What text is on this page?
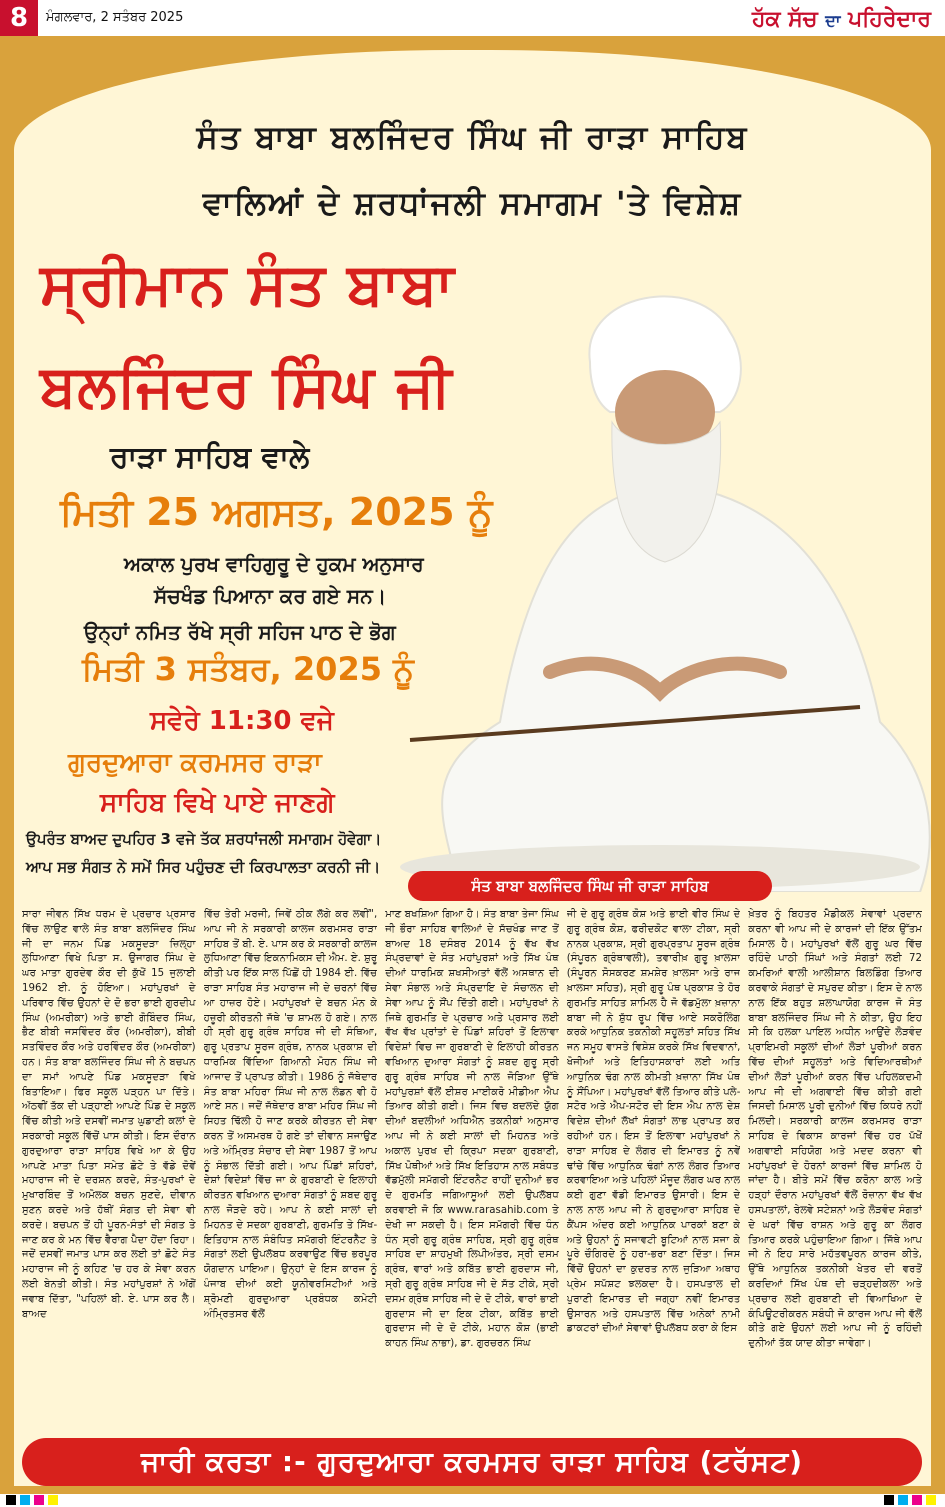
8	ਮੰਗਲਵਾਰ, 2 ਸਤੰਬਰ 2025	ਹੱਕ ਸੱਚ ਦਾ ਪਹਿਰੇਦਾਰ
ਸੰਤ ਬਾਬਾ ਬਲਜਿੰਦਰ ਸਿੰਘ ਜੀ ਰਾੜਾ ਸਾਹਿਬ
ਵਾਲਿਆਂ ਦੇ ਸ਼ਰਧਾਂਜਲੀ ਸਮਾਗਮ 'ਤੇ ਵਿਸ਼ੇਸ਼
ਸ੍ਰੀਮਾਨ ਸੰਤ ਬਾਬਾ
ਬਲਜਿੰਦਰ ਸਿੰਘ ਜੀ
ਰਾੜਾ ਸਾਹਿਬ ਵਾਲੇ
ਮਿਤੀ 25 ਅਗਸਤ, 2025 ਨੂੰ
ਅਕਾਲ ਪੁਰਖ ਵਾਹਿਗੁਰੂ ਦੇ ਹੁਕਮ ਅਨੁਸਾਰ
ਸੱਚਖੰਡ ਪਿਆਨਾ ਕਰ ਗਏ ਸਨ।
ਉਨ੍ਹਾਂ ਨਮਿਤ ਰੱਖੇ ਸ੍ਰੀ ਸਹਿਜ ਪਾਠ ਦੇ ਭੋਗ
ਮਿਤੀ 3 ਸਤੰਬਰ, 2025 ਨੂੰ
ਸਵੇਰੇ 11:30 ਵਜੇ
ਗੁਰਦੁਆਰਾ ਕਰਮਸਰ ਰਾੜਾ
ਸਾਹਿਬ ਵਿਖੇ ਪਾਏ ਜਾਣਗੇ
ਉਪਰੰਤ ਬਾਅਦ ਦੁਪਹਿਰ 3 ਵਜੇ ਤੱਕ ਸ਼ਰਧਾਂਜਲੀ ਸਮਾਗਮ ਹੋਵੇਗਾ।
ਆਪ ਸਭ ਸੰਗਤ ਨੇ ਸਮੇਂ ਸਿਰ ਪਹੁੰਚਣ ਦੀ ਕਿਰਪਾਲਤਾ ਕਰਨੀ ਜੀ।
ਸੰਤ ਬਾਬਾ ਬਲਜਿੰਦਰ ਸਿੰਘ ਜੀ ਰਾੜਾ ਸਾਹਿਬ
ਸਾਰਾ ਜੀਵਨ ਸਿੱਖ ਧਰਮ ਦੇ ਪ੍ਰਚਾਰ ਪ੍ਰਸਾਰ ਵਿੱਚ ਲਾਉਣ ਵਾਲੇ ਸੰਤ ਬਾਬਾ ਬਲਜਿੰਦਰ ਸਿੰਘ ਜੀ ਦਾ ਜਨਮ ਪਿੰਡ ਮਕਸੂਦੜਾ ਜ਼ਿਲ੍ਹਾ ਲੁਧਿਆਣਾ ਵਿਖੇ ਪਿਤਾ ਸ. ਉਜਾਗਰ ਸਿੰਘ ਦੇ ਘਰ ਮਾਤਾ ਗੁਰਦੇਵ ਕੌਰ ਦੀ ਕੁੱਖੋਂ 15 ਜੁਲਾਈ 1962 ਈ. ਨੂੰ ਹੋਇਆ। ਮਹਾਂਪੁਰਖਾਂ ਦੇ ਪਰਿਵਾਰ ਵਿੱਚ ਉਹਨਾਂ ਦੇ ਦੋ ਭਰਾ ਭਾਈ ਗੁਰਦੀਪ ਸਿੰਘ (ਅਮਰੀਕਾ) ਅਤੇ ਭਾਈ ਗੋਬਿੰਦਰ ਸਿੰਘ, ਭੈਣ ਬੀਬੀ ਜਸਵਿੰਦਰ ਕੌਰ (ਅਮਰੀਕਾ), ਬੀਬੀ ਸਤਵਿੰਦਰ ਕੌਰ ਅਤੇ ਹਰਵਿੰਦਰ ਕੌਰ (ਅਮਰੀਕਾ) ਹਨ। ਸੰਤ ਬਾਬਾ ਬਲਜਿੰਦਰ ਸਿੰਘ ਜੀ ਨੇ ਬਚਪਨ ਦਾ ਸਮਾਂ ਆਪਣੇ ਪਿੰਡ ਮਕਸੂਦੜਾ ਵਿਖੇ ਬਿਤਾਇਆ। ਫਿਰ ਸਕੂਲ ਪੜ੍ਹਨ ਪਾ ਦਿੱਤੇ। ਅੱਠਵੀਂ ਤੱਕ ਦੀ ਪੜ੍ਹਾਈ ਆਪਣੇ ਪਿੰਡ ਦੇ ਸਕੂਲ ਵਿੱਚ ਕੀਤੀ ਅਤੇ ਦਸਵੀਂ ਜਮਾਤ ਘੁਡਾਣੀ ਕਲਾਂ ਦੇ ਸਰਕਾਰੀ ਸਕੂਲ ਵਿੱਚੋਂ ਪਾਸ ਕੀਤੀ। ਇਸ ਦੌਰਾਨ ਗੁਰਦੁਆਰਾ ਰਾੜਾ ਸਾਹਿਬ ਵਿਖੇ ਆ ਕੇ ਉਹ ਆਪਣੇ ਮਾਤਾ ਪਿਤਾ ਸਮੇਤ ਛੋਟੇ ਤੇ ਵੱਡੇ ਦੋਵੇਂ ਮਹਾਰਾਜ ਜੀ ਦੇ ਦਰਸ਼ਨ ਕਰਦੇ, ਸੰਤ-ਪੁਰਖਾਂ ਦੇ ਮੁਖਾਰਬਿੰਦ ਤੋਂ ਅਮੋਲਕ ਬਚਨ ਸੁਣਦੇ, ਦੀਵਾਨ ਸੁਣਨ ਕਰਦੇ ਅਤੇ ਹੱਥੀਂ ਸੰਗਤ ਦੀ ਸੇਵਾ ਵੀ ਕਰਦੇ। ਬਚਪਨ ਤੋਂ ਹੀ ਪੂਰਨ-ਸੰਤਾਂ ਦੀ ਸੰਗਤ ਤੇ ਜਾਣ ਕਰ ਕੇ ਮਨ ਵਿੱਚ ਵੈਰਾਗ ਪੈਦਾ ਹੋਂਦਾ ਰਿਹਾ। ਜਦੋਂ ਦਸਵੀਂ ਜਮਾਤ ਪਾਸ ਕਰ ਲਈ ਤਾਂ ਛੋਟੇ ਸੰਤ ਮਹਾਰਾਜ ਜੀ ਨੂੰ ਕਹਿਣ 'ਚ ਹਰ ਕੇ ਸੇਵਾ ਕਰਨ ਲਈ ਬੇਨਤੀ ਕੀਤੀ। ਸੰਤ ਮਹਾਂਪੁਰਸ਼ਾਂ ਨੇ ਅੱਗੋਂ ਜਵਾਬ ਦਿੱਤਾ, "ਪਹਿਲਾਂ ਬੀ. ਏ. ਪਾਸ ਕਰ ਲੈ। ਬਾਅਦ
ਵਿੱਚ ਤੇਰੀ ਮਰਜੀ, ਜਿਵੇਂ ਠੀਕ ਲੱਗੇ ਕਰ ਲਵੀਂ", ਆਪ ਜੀ ਨੇ ਸਰਕਾਰੀ ਕਾਲਜ ਕਰਮਸਰ ਰਾੜਾ ਸਾਹਿਬ ਤੋਂ ਬੀ. ਏ. ਪਾਸ ਕਰ ਕੇ ਸਰਕਾਰੀ ਕਾਲਜ ਲੁਧਿਆਣਾ ਵਿੱਚ ਇਕਨਾਮਿਕਸ ਦੀ ਐਮ. ਏ. ਸ਼ੁਰੂ ਕੀਤੀ ਪਰ ਇੱਕ ਸਾਲ ਪਿੱਛੋਂ ਹੀ 1984 ਈ. ਵਿੱਚ ਰਾੜਾ ਸਾਹਿਬ ਸੰਤ ਮਹਾਰਾਜ ਜੀ ਦੇ ਚਰਨਾਂ ਵਿੱਚ ਆ ਹਾਜ਼ਰ ਹੋਏ। ਮਹਾਂਪੁਰਖਾਂ ਦੇ ਬਚਨ ਮੰਨ ਕੇ ਹਜ਼ੂਰੀ ਕੀਰਤਨੀ ਜੱਥੇ 'ਚ ਸ਼ਾਮਲ ਹੋ ਗਏ। ਨਾਲ ਹੀ ਸ੍ਰੀ ਗੁਰੂ ਗ੍ਰੰਥ ਸਾਹਿਬ ਜੀ ਦੀ ਸੰਥਿਆ, ਗੁਰੂ ਪ੍ਰਤਾਪ ਸੂਰਜ ਗ੍ਰੰਥ, ਨਾਨਕ ਪ੍ਰਕਾਸ਼ ਦੀ ਧਾਰਮਿਕ ਵਿੱਦਿਆ ਗਿਆਨੀ ਮੋਹਨ ਸਿੰਘ ਜੀ ਆਜਾਦ ਤੋਂ ਪ੍ਰਾਪਤ ਕੀਤੀ। 1986 ਨੂੰ ਜੱਥੇਦਾਰ ਸੰਤ ਬਾਬਾ ਮਹਿਰਾ ਸਿੰਘ ਜੀ ਨਾਲ ਲੰਡਨ ਵੀ ਹੋ ਆਏ ਸਨ। ਜਦੋਂ ਜੱਥੇਦਾਰ ਬਾਬਾ ਮਹਿਰ ਸਿੰਘ ਜੀ ਸਿਹਤ ਢਿੱਲੀ ਹੋ ਜਾਣ ਕਰਕੇ ਕੀਰਤਨ ਦੀ ਸੇਵਾ ਕਰਨ ਤੋਂ ਅਸਮਰਥ ਹੋ ਗਏ ਤਾਂ ਦੀਵਾਨ ਸਜਾਉਣ ਅਤੇ ਅੰਮ੍ਰਿਤ ਸੰਚਾਰ ਦੀ ਸੇਵਾ 1987 ਤੋਂ ਆਪ ਨੂੰ ਸੰਭਾਲ ਦਿੱਤੀ ਗਈ। ਆਪ ਪਿੰਡਾਂ ਸ਼ਹਿਰਾਂ, ਦੇਸ਼ਾਂ ਵਿਦੇਸ਼ਾਂ ਵਿੱਚ ਜਾ ਕੇ ਗੁਰਬਾਣੀ ਦੇ ਇਲਾਹੀ ਕੀਰਤਨ ਵਖਿਆਨ ਦੁਆਰਾ ਸੰਗਤਾਂ ਨੂੰ ਸ਼ਬਦ ਗੁਰੂ ਨਾਲ ਜੋੜਦੇ ਰਹੇ। ਆਪ ਨੇ ਕਈ ਸਾਲਾਂ ਦੀ ਮਿਹਨਤ ਦੇ ਸਦਕਾ ਗੁਰਬਾਣੀ, ਗੁਰਮਤਿ ਤੇ ਸਿੱਖ-ਇਤਿਹਾਸ ਨਾਲ ਸੰਬੰਧਿਤ ਸਮੱਗਰੀ ਇੰਟਰਨੈੱਟ ਤੇ ਸੰਗਤਾਂ ਲਈ ਉਪਲੱਬਧ ਕਰਵਾਉਣ ਵਿੱਚ ਭਰਪੂਰ ਯੋਗਦਾਨ ਪਾਇਆ। ਉਨ੍ਹਾਂ ਦੇ ਇਸ ਕਾਰਜ ਨੂੰ ਪੰਜਾਬ ਦੀਆਂ ਕਈ ਯੂਨੀਵਰਸਿਟੀਆਂ ਅਤੇ ਸ਼੍ਰੋਮਣੀ ਗੁਰਦੁਆਰਾ ਪ੍ਰਬੰਧਕ ਕਮੇਟੀ ਅੰਮ੍ਰਿਤਸਰ ਵੱਲੋਂ
ਮਾਣ ਬਖਸ਼ਿਆ ਗਿਆ ਹੈ। ਸੰਤ ਬਾਬਾ ਤੇਜਾ ਸਿੰਘ ਜੀ ਭੌਰਾ ਸਾਹਿਬ ਵਾਲਿਆਂ ਦੇ ਸੱਚਖੰਡ ਜਾਣ ਤੋਂ ਬਾਅਦ 18 ਦਸੰਬਰ 2014 ਨੂੰ ਵੱਖ ਵੱਖ ਸੰਪ੍ਰਦਾਵਾਂ ਦੇ ਸੰਤ ਮਹਾਂਪੁਰਸ਼ਾਂ ਅਤੇ ਸਿੱਖ ਪੰਥ ਦੀਆਂ ਧਾਰਮਿਕ ਸ਼ਖਸੀਅਤਾਂ ਵੱਲੋਂ ਅਸਥਾਨ ਦੀ ਸੇਵਾ ਸੰਭਾਲ ਅਤੇ ਸੰਪ੍ਰਦਾਇ ਦੇ ਸੰਚਾਲਨ ਦੀ ਸੇਵਾ ਆਪ ਨੂੰ ਸੌਂਪ ਦਿੱਤੀ ਗਈ। ਮਹਾਂਪੁਰਖਾਂ ਨੇ ਜਿਥੇ ਗੁਰਮਤਿ ਦੇ ਪ੍ਰਚਾਰ ਅਤੇ ਪ੍ਰਸਾਰ ਲਈ ਵੱਖ ਵੱਖ ਪ੍ਰਾਂਤਾਂ ਦੇ ਪਿੰਡਾਂ ਸ਼ਹਿਰਾਂ ਤੋਂ ਇਲਾਵਾ ਵਿਦੇਸ਼ਾਂ ਵਿਚ ਜਾ ਗੁਰਬਾਣੀ ਦੇ ਇਲਾਹੀ ਕੀਰਤਨ ਵਖਿਆਨ ਦੁਆਰਾ ਸੰਗਤਾਂ ਨੂੰ ਸ਼ਬਦ ਗੁਰੂ ਸ੍ਰੀ ਗੁਰੂ ਗ੍ਰੰਥ ਸਾਹਿਬ ਜੀ ਨਾਲ ਜੋੜਿਆ ਉੱਥੇ ਮਹਾਂਪੁਰਸ਼ਾਂ ਵੱਲੋਂ ਈਸ਼ਰ ਮਾਈਕਰੋ ਮੀਡੀਆ ਐਪ ਤਿਆਰ ਕੀਤੀ ਗਈ। ਜਿਸ ਵਿਚ ਬਦਲਦੇ ਯੁੱਗ ਦੀਆਂ ਬਦਲੀਆਂ ਅਧਿਐਨ ਤਕਨੀਕਾਂ ਅਨੁਸਾਰ ਆਪ ਜੀ ਨੇ ਕਈ ਸਾਲਾਂ ਦੀ ਮਿਹਨਤ ਅਤੇ ਅਕਾਲ ਪੁਰਖ ਦੀ ਕ੍ਰਿਪਾ ਸਦਕਾ ਗੁਰਬਾਣੀ, ਸਿੱਖ ਪੋਥੀਆਂ ਅਤੇ ਸਿੱਖ ਇਤਿਹਾਸ ਨਾਲ ਸਬੰਧਤ ਵੱਡਮੁੱਲੀ ਸਮੱਗਰੀ ਇੰਟਰਨੈਟ ਰਾਹੀਂ ਦੁਨੀਆਂ ਭਰ ਦੇ ਗੁਰਮਤਿ ਜਗਿਆਸੂਆਂ ਲਈ ਉਪਲੱਬਧ ਕਰਵਾਈ ਜੋ ਕਿ www.rarasahib.com ਤੇ ਦੇਖੀ ਜਾ ਸਕਦੀ ਹੈ। ਇਸ ਸਮੱਗਰੀ ਵਿੱਚ ਧੰਨ ਧੰਨ ਸ੍ਰੀ ਗੁਰੂ ਗ੍ਰੰਥ ਸਾਹਿਬ, ਸ੍ਰੀ ਗੁਰੂ ਗ੍ਰੰਥ ਸਾਹਿਬ ਦਾ ਸ਼ਾਹਮੁਖੀ ਲਿਪੀਅੰਤਰ, ਸ੍ਰੀ ਦਸਮ ਗ੍ਰੰਥ, ਵਾਰਾਂ ਅਤੇ ਕਬਿੱਤ ਭਾਈ ਗੁਰਦਾਸ ਜੀ, ਸ੍ਰੀ ਗੁਰੂ ਗ੍ਰੰਥ ਸਾਹਿਬ ਜੀ ਦੇ ਸੱਤ ਟੀਕੇ, ਸ੍ਰੀ ਦਸਮ ਗ੍ਰੰਥ ਸਾਹਿਬ ਜੀ ਦੇ ਦੋ ਟੀਕੇ, ਵਾਰਾਂ ਭਾਈ ਗੁਰਦਾਸ ਜੀ ਦਾ ਇਕ ਟੀਕਾ, ਕਬਿੱਤ ਭਾਈ ਗੁਰਦਾਸ ਜੀ ਦੇ ਦੋ ਟੀਕੇ, ਮਹਾਨ ਕੋਸ਼ (ਭਾਈ ਕਾਹਨ ਸਿੰਘ ਨਾਭਾ), ਡਾ. ਗੁਰਚਰਨ ਸਿੰਘ
ਜੀ ਦੇ ਗੁਰੂ ਗ੍ਰੰਥ ਕੋਸ਼ ਅਤੇ ਭਾਈ ਵੀਰ ਸਿੰਘ ਦੇ ਗੁਰੂ ਗ੍ਰੰਥ ਕੋਸ਼, ਫਰੀਦਕੋਟ ਵਾਲਾ ਟੀਕਾ, ਸ੍ਰੀ ਨਾਨਕ ਪ੍ਰਕਾਸ਼, ਸ੍ਰੀ ਗੁਰਪ੍ਰਤਾਪ ਸੂਰਜ ਗ੍ਰੰਥ (ਸੰਪੂਰਨ ਗ੍ਰੰਥਾਵਲੀ), ਤਵਾਰੀਖ਼ ਗੁਰੂ ਖ਼ਾਲਸਾ (ਸੰਪੂਰਨ ਸੋਸਕਰਣ ਸ਼ਮਸ਼ੇਰ ਖ਼ਾਲਸਾ ਅਤੇ ਰਾਜ ਖ਼ਾਲਸਾ ਸਹਿਤ), ਸ੍ਰੀ ਗੁਰੂ ਪੰਥ ਪ੍ਰਕਾਸ਼ ਤੇ ਹੋਰ ਗੁਰਮਤਿ ਸਾਹਿਤ ਸ਼ਾਮਿਲ ਹੈ ਜੋ ਵੱਡਮੁੱਲਾ ਖ਼ਜ਼ਾਨਾ ਬਾਬਾ ਜੀ ਨੇ ਸ਼ੁੱਧ ਰੂਪ ਵਿੱਚ ਆਏ ਸਕਰੋਲਿੰਗ ਕਰਕੇ ਆਧੁਨਿਕ ਤਕਨੀਕੀ ਸਹੂਲਤਾਂ ਸਹਿਤ ਸਿੱਖ ਜਨ ਸਮੂਹ ਵਾਸਤੇ ਵਿਸ਼ੇਸ਼ ਕਰਕੇ ਸਿੱਖ ਵਿਦਵਾਨਾਂ, ਖੋਜੀਆਂ ਅਤੇ ਇਤਿਹਾਸਕਾਰਾਂ ਲਈ ਅਤਿ ਆਧੁਨਿਕ ਢੰਗ ਨਾਲ ਕੀਮਤੀ ਖ਼ਜ਼ਾਨਾ ਸਿੱਖ ਪੰਥ ਨੂੰ ਸੌਂਪਿਆ। ਮਹਾਂਪੁਰਖਾਂ ਵੱਲੋਂ ਤਿਆਰ ਕੀਤੇ ਪਲੇ-ਸਟੋਰ ਅਤੇ ਐਪ-ਸਟੋਰ ਦੀ ਇਸ ਐਪ ਨਾਲ ਦੇਸ਼ ਵਿਦੇਸ਼ ਦੀਆਂ ਲੱਖਾਂ ਸੰਗਤਾਂ ਲਾਭ ਪ੍ਰਾਪਤ ਕਰ ਰਹੀਆਂ ਹਨ। ਇਸ ਤੋਂ ਇਲਾਵਾ ਮਹਾਂਪੁਰਖਾਂ ਨੇ ਰਾੜਾ ਸਾਹਿਬ ਦੇ ਲੰਗਰ ਦੀ ਇਮਾਰਤ ਨੂੰ ਨਵੇਂ ਢਾਂਚੇ ਵਿੱਚ ਆਧੁਨਿਕ ਢੰਗਾਂ ਨਾਲ ਲੰਗਰ ਤਿਆਰ ਕਰਵਾਇਆ ਅਤੇ ਪਹਿਲਾਂ ਮੌਜੂਦ ਲੰਗਰ ਘਰ ਨਾਲ ਕਈ ਗੁਣਾ ਵੱਡੀ ਇਮਾਰਤ ਉਸਾਰੀ। ਇਸ ਦੇ ਨਾਲ ਨਾਲ ਆਪ ਜੀ ਨੇ ਗੁਰਦੁਆਰਾ ਸਾਹਿਬ ਦੇ ਕੈਂਪਸ ਅੰਦਰ ਕਈ ਆਧੁਨਿਕ ਪਾਰਕਾਂ ਬਣਾ ਕੇ ਅਤੇ ਉਹਨਾਂ ਨੂੰ ਸਜਾਵਟੀ ਬੂਟਿਆਂ ਨਾਲ ਸਜਾ ਕੇ ਪੂਰੇ ਚੌਗਿਰਦੇ ਨੂੰ ਹਰਾ-ਭਰਾ ਬਣਾ ਦਿੱਤਾ। ਜਿਸ ਵਿੱਚੋਂ ਉਹਨਾਂ ਦਾ ਕੁਦਰਤ ਨਾਲ ਜੁੜਿਆ ਅਥਾਹ ਪ੍ਰੇਮ ਸਪੱਸ਼ਟ ਝਲਕਦਾ ਹੈ। ਹਸਪਤਾਲ ਦੀ ਪੁਰਾਣੀ ਇਮਾਰਤ ਦੀ ਜਗ੍ਹਾ ਨਵੀਂ ਇਮਾਰਤ ਉਸਾਰਨ ਅਤੇ ਹਸਪਤਾਲ ਵਿੱਚ ਅਨੇਕਾਂ ਨਾਮੀ ਡਾਕਟਰਾਂ ਦੀਆਂ ਸੇਵਾਵਾਂ ਉਪਲੱਬਧ ਕਰਾ ਕੇ ਇਸ
ਖ਼ੇਤਰ ਨੂੰ ਬਿਹਤਰ ਮੈਡੀਕਲ ਸੇਵਾਵਾਂ ਪ੍ਰਦਾਨ ਕਰਨਾ ਵੀ ਆਪ ਜੀ ਦੇ ਕਾਰਜਾਂ ਦੀ ਇੱਕ ਉੱਤਮ ਮਿਸਾਲ ਹੈ। ਮਹਾਂਪੁਰਖਾਂ ਵੱਲੋਂ ਗੁਰੂ ਘਰ ਵਿੱਚ ਰਹਿੰਦੇ ਪਾਠੀ ਸਿੰਘਾਂ ਅਤੇ ਸੰਗਤਾਂ ਲਈ 72 ਕਮਰਿਆਂ ਵਾਲੀ ਆਲੀਸ਼ਾਨ ਬਿਲਡਿੰਗ ਤਿਆਰ ਕਰਵਾਕੇ ਸੰਗਤਾਂ ਦੇ ਸਪੁਰਦ ਕੀਤਾ। ਇਸ ਦੇ ਨਾਲ ਨਾਲ ਇੱਕ ਬਹੁਤ ਸ਼ਲਾਘਾਯੋਗ ਕਾਰਜ ਜੋ ਸੰਤ ਬਾਬਾ ਬਲਜਿੰਦਰ ਸਿੰਘ ਜੀ ਨੇ ਕੀਤਾ, ਉਹ ਇਹ ਸੀ ਕਿ ਹਲਕਾ ਪਾਇਲ ਅਧੀਨ ਆਉਂਦੇ ਲੋੜਵੰਦ ਪ੍ਰਾਇਮਰੀ ਸਕੂਲਾਂ ਦੀਆਂ ਲੋੜਾਂ ਪੂਰੀਆਂ ਕਰਨ ਵਿੱਚ ਦੀਆਂ ਸਹੂਲਤਾਂ ਅਤੇ ਵਿਦਿਆਰਥੀਆਂ ਦੀਆਂ ਲੋੜਾਂ ਪੂਰੀਆਂ ਕਰਨ ਵਿੱਚ ਪਹਿਲਕਦਮੀ ਆਪ ਜੀ ਦੀ ਅਗਵਾਈ ਵਿੱਚ ਕੀਤੀ ਗਈ ਜਿਸਦੀ ਮਿਸਾਲ ਪੂਰੀ ਦੁਨੀਆਂ ਵਿੱਚ ਕਿਧਰੇ ਨਹੀਂ ਮਿਲਦੀ। ਸਰਕਾਰੀ ਕਾਲਜ ਕਰਮਸਰ ਰਾੜਾ ਸਾਹਿਬ ਦੇ ਵਿਕਾਸ ਕਾਰਜਾਂ ਵਿੱਚ ਹਰ ਪੱਖੋਂ ਅਗਵਾਈ ਸਹਿਯੋਗ ਅਤੇ ਮਦਦ ਕਰਨਾ ਵੀ ਮਹਾਂਪੁਰਖਾਂ ਦੇ ਹੋਰਨਾਂ ਕਾਰਜਾਂ ਵਿੱਚ ਸ਼ਾਮਿਲ ਹੋ ਜਾਂਦਾ ਹੈ। ਬੀਤੇ ਸਮੇਂ ਵਿੱਚ ਕਰੋਨਾ ਕਾਲ ਅਤੇ ਹੜ੍ਹਾਂ ਦੌਰਾਨ ਮਹਾਂਪੁਰਖਾਂ ਵੱਲੋਂ ਰੋਜ਼ਾਨਾ ਵੱਖ ਵੱਖ ਹਸਪਤਾਲਾਂ, ਰੇਲਵੇ ਸਟੇਸ਼ਨਾਂ ਅਤੇ ਲੋੜਵੰਦ ਸੰਗਤਾਂ ਦੇ ਘਰਾਂ ਵਿੱਚ ਰਾਸ਼ਨ ਅਤੇ ਗੁਰੂ ਕਾ ਲੰਗਰ ਤਿਆਰ ਕਰਕੇ ਪਹੁੰਚਾਇਆ ਗਿਆ। ਜਿੱਥੇ ਆਪ ਜੀ ਨੇ ਇਹ ਸਾਰੇ ਮਹੱਤਵਪੂਰਨ ਕਾਰਜ ਕੀਤੇ, ਉੱਥੇ ਆਧੁਨਿਕ ਤਕਨੀਕੀ ਖੇਤਰ ਦੀ ਵਰਤੋਂ ਕਰਦਿਆਂ ਸਿੱਖ ਪੰਥ ਦੀ ਚੜ੍ਹਦੀਕਲਾ ਅਤੇ ਪ੍ਰਚਾਰ ਲਈ ਗੁਰਬਾਣੀ ਦੀ ਵਿਆਖਿਆ ਦੇ ਕੰਪਿਊਟਰੀਕਰਨ ਸਬੰਧੀ ਜੋ ਕਾਰਜ ਆਪ ਜੀ ਵੱਲੋਂ ਕੀਤੇ ਗਏ ਉਹਨਾਂ ਲਈ ਆਪ ਜੀ ਨੂੰ ਰਹਿੰਦੀ ਦੁਨੀਆਂ ਤੱਕ ਯਾਦ ਕੀਤਾ ਜਾਵੇਗਾ।
ਜਾਰੀ ਕਰਤਾ :- ਗੁਰਦੁਆਰਾ ਕਰਮਸਰ ਰਾੜਾ ਸਾਹਿਬ (ਟਰੱਸਟ)
